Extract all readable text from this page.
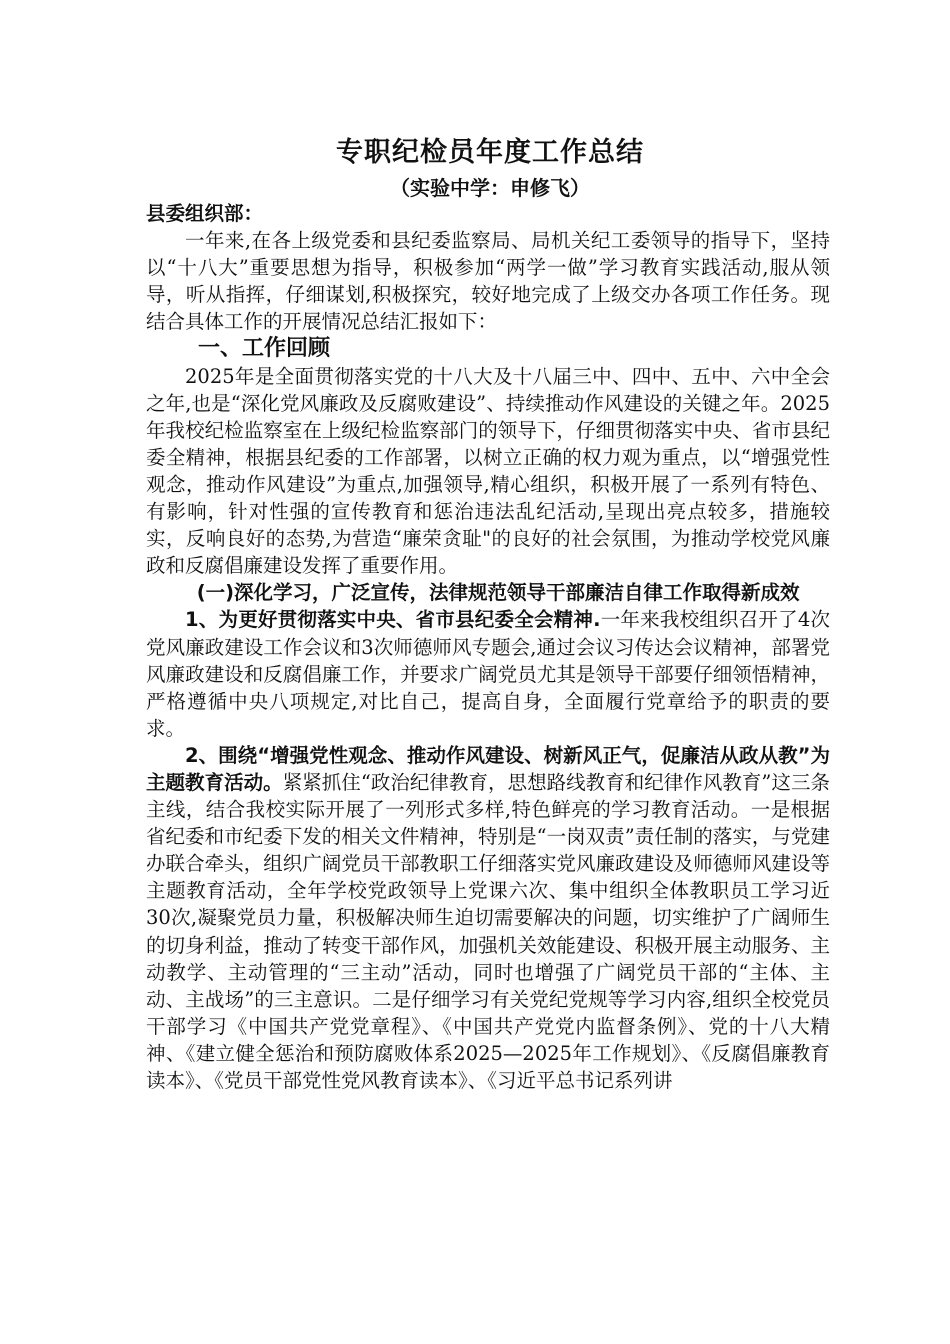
专职纪检员年度工作总结
（实验中学：申修飞）

县委组织部：

一年来,在各上级党委和县纪委监察局、局机关纪工委领导的指导下，坚持以“十八大”重要思想为指导，积极参加“两学一做”学习教育实践活动,服从领导，听从指挥，仔细谋划,积极探究，较好地完成了上级交办各项工作任务。现结合具体工作的开展情况总结汇报如下：

一、工作回顾

2025年是全面贯彻落实党的十八大及十八届三中、四中、五中、六中全会之年,也是“深化党风廉政及反腐败建设”、持续推动作风建设的关键之年。2025年我校纪检监察室在上级纪检监察部门的领导下，仔细贯彻落实中央、省市县纪委全精神，根据县纪委的工作部署，以树立正确的权力观为重点，以“增强党性观念，推动作风建设”为重点,加强领导,精心组织，积极开展了一系列有特色、有影响，针对性强的宣传教育和惩治违法乱纪活动,呈现出亮点较多，措施较实，反响良好的态势,为营造“廉荣贪耻"的良好的社会氛围，为推动学校党风廉政和反腐倡廉建设发挥了重要作用。

(一)深化学习，广泛宣传，法律规范领导干部廉洁自律工作取得新成效

1、为更好贯彻落实中央、省市县纪委全会精神.一年来我校组织召开了4次党风廉政建设工作会议和3次师德师风专题会,通过会议习传达会议精神，部署党风廉政建设和反腐倡廉工作，并要求广阔党员尤其是领导干部要仔细领悟精神，严格遵循中央八项规定,对比自己，提高自身，全面履行党章给予的职责的要求。

2、围绕“增强党性观念、推动作风建设、树新风正气，促廉洁从政从教”为主题教育活动。紧紧抓住“政治纪律教育，思想路线教育和纪律作风教育”这三条主线，结合我校实际开展了一列形式多样,特色鲜亮的学习教育活动。一是根据省纪委和市纪委下发的相关文件精神，特别是“一岗双责”责任制的落实，与党建办联合牵头，组织广阔党员干部教职工仔细落实党风廉政建设及师德师风建设等主题教育活动，全年学校党政领导上党课六次、集中组织全体教职员工学习近30次,凝聚党员力量，积极解决师生迫切需要解决的问题，切实维护了广阔师生的切身利益，推动了转变干部作风，加强机关效能建设、积极开展主动服务、主动教学、主动管理的“三主动”活动，同时也增强了广阔党员干部的“主体、主动、主战场”的三主意识。二是仔细学习有关党纪党规等学习内容,组织全校党员干部学习《中国共产党党章程》、《中国共产党党内监督条例》、党的十八大精神、《建立健全惩治和预防腐败体系2025—2025年工作规划》、《反腐倡廉教育读本》、《党员干部党性党风教育读本》、《习近平总书记系列讲
